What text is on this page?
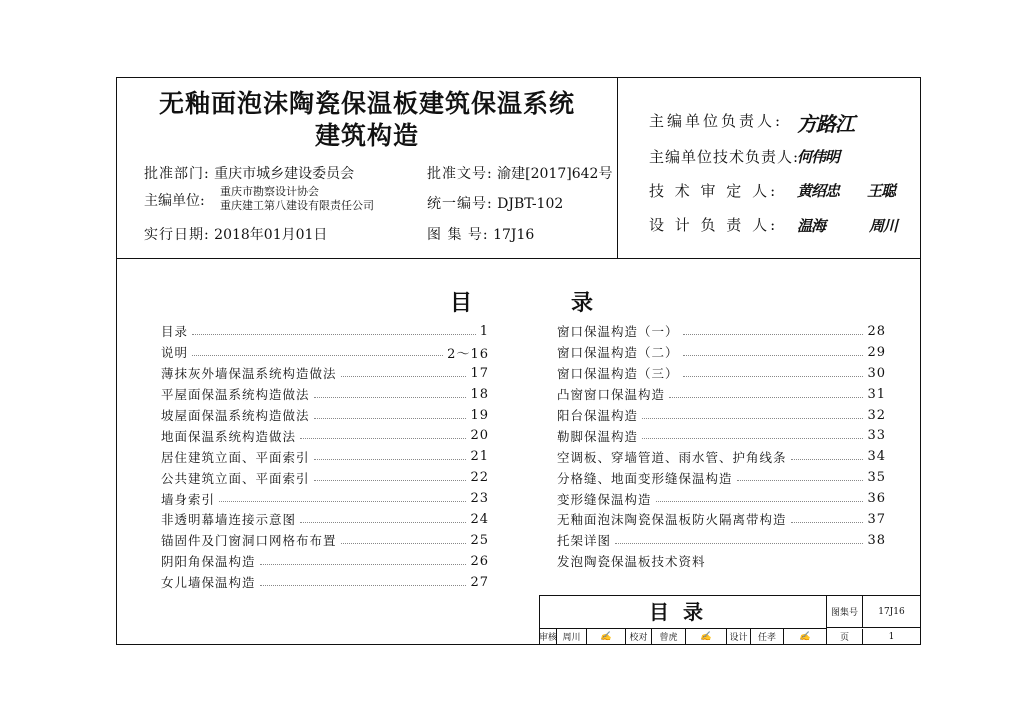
无釉面泡沫陶瓷保温板建筑保温系统
建筑构造
批准部门: 重庆市城乡建设委员会	批准文号: 渝建[2017]642号
主编单位:
重庆市勘察设计协会
重庆建工第八建设有限责任公司	统一编号: DJBT-102
实行日期: 2018年01月01日	图 集 号: 17J16
主编单位负责人: 方路江
主编单位技术负责人:
何伟明
技 术 审 定 人: 黄绍忠 王聪
设 计 负 责 人: 温海	周川
目	录
目录	1
说明	2～16
薄抹灰外墙保温系统构造做法	17
平屋面保温系统构造做法	18
坡屋面保温系统构造做法	19
地面保温系统构造做法	20
居住建筑立面、平面索引	21
公共建筑立面、平面索引	22
墙身索引	23
非透明幕墙连接示意图	24
锚固件及门窗洞口网格布布置	25
阴阳角保温构造	26
女儿墙保温构造	27
窗口保温构造（一）	28
窗口保温构造（二）	29
窗口保温构造（三）	30
凸窗窗口保温构造	31
阳台保温构造	32
勒脚保温构造	33
空调板、穿墙管道、雨水管、护角线条	34
分格缝、地面变形缝保温构造	35
变形缝保温构造	36
无釉面泡沫陶瓷保温板防火隔离带构造	37
托架详图	38
发泡陶瓷保温板技术资料
目录	图集号	17J16
审核 周川	✍	校对	曾虎	✍	设计	任孝	✍	页	1
